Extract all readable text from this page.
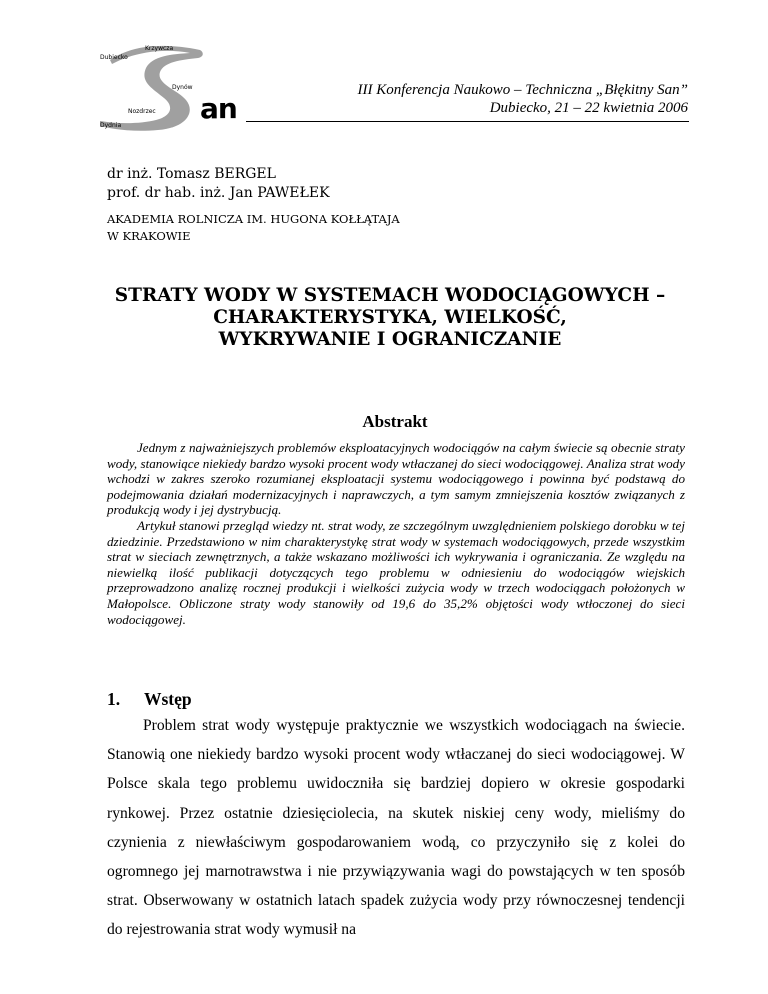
Krzywcza
Dubiecko
Dynów
Nozdrzec
Dydnia
an
III Konferencja Naukowo – Techniczna „Błękitny San”
Dubiecko, 21 – 22 kwietnia 2006
dr inż. Tomasz BERGEL
prof. dr hab. inż. Jan PAWEŁEK
AKADEMIA ROLNICZA IM. HUGONA KOŁŁĄTAJA
W KRAKOWIE
STRATY WODY W SYSTEMACH WODOCIĄGOWYCH –
CHARAKTERYSTYKA, WIELKOŚĆ,
WYKRYWANIE I OGRANICZANIE
Abstrakt

Jednym z najważniejszych problemów eksploatacyjnych wodociągów na całym świecie są obecnie straty wody, stanowiące niekiedy bardzo wysoki procent wody wtłaczanej do sieci wodociągowej. Analiza strat wody wchodzi w zakres szeroko rozumianej eksploatacji systemu wodociągowego i powinna być podstawą do podejmowania działań modernizacyjnych i naprawczych, a tym samym zmniejszenia kosztów związanych z produkcją wody i jej dystrybucją.

Artykuł stanowi przegląd wiedzy nt. strat wody, ze szczególnym uwzględnieniem polskiego dorobku w tej dziedzinie. Przedstawiono w nim charakterystykę strat wody w systemach wodociągowych, przede wszystkim strat w sieciach zewnętrznych, a także wskazano możliwości ich wykrywania i ograniczania. Ze względu na niewielką ilość publikacji dotyczących tego problemu w odniesieniu do wodociągów wiejskich przeprowadzono analizę rocznej produkcji i wielkości zużycia wody w trzech wodociągach położonych w Małopolsce. Obliczone straty wody stanowiły od 19,6 do 35,2% objętości wody wtłoczonej do sieci wodociągowej.

1. Wstęp

Problem strat wody występuje praktycznie we wszystkich wodociągach na świecie. Stanowią one niekiedy bardzo wysoki procent wody wtłaczanej do sieci wodociągowej. W Polsce skala tego problemu uwidoczniła się bardziej dopiero w okresie gospodarki rynkowej. Przez ostatnie dziesięciolecia, na skutek niskiej ceny wody, mieliśmy do czynienia z niewłaściwym gospodarowaniem wodą, co przyczyniło się z kolei do ogromnego jej marnotrawstwa i nie przywiązywania wagi do powstających w ten sposób strat. Obserwowany w ostatnich latach spadek zużycia wody przy równoczesnej tendencji do rejestrowania strat wody wymusił na
